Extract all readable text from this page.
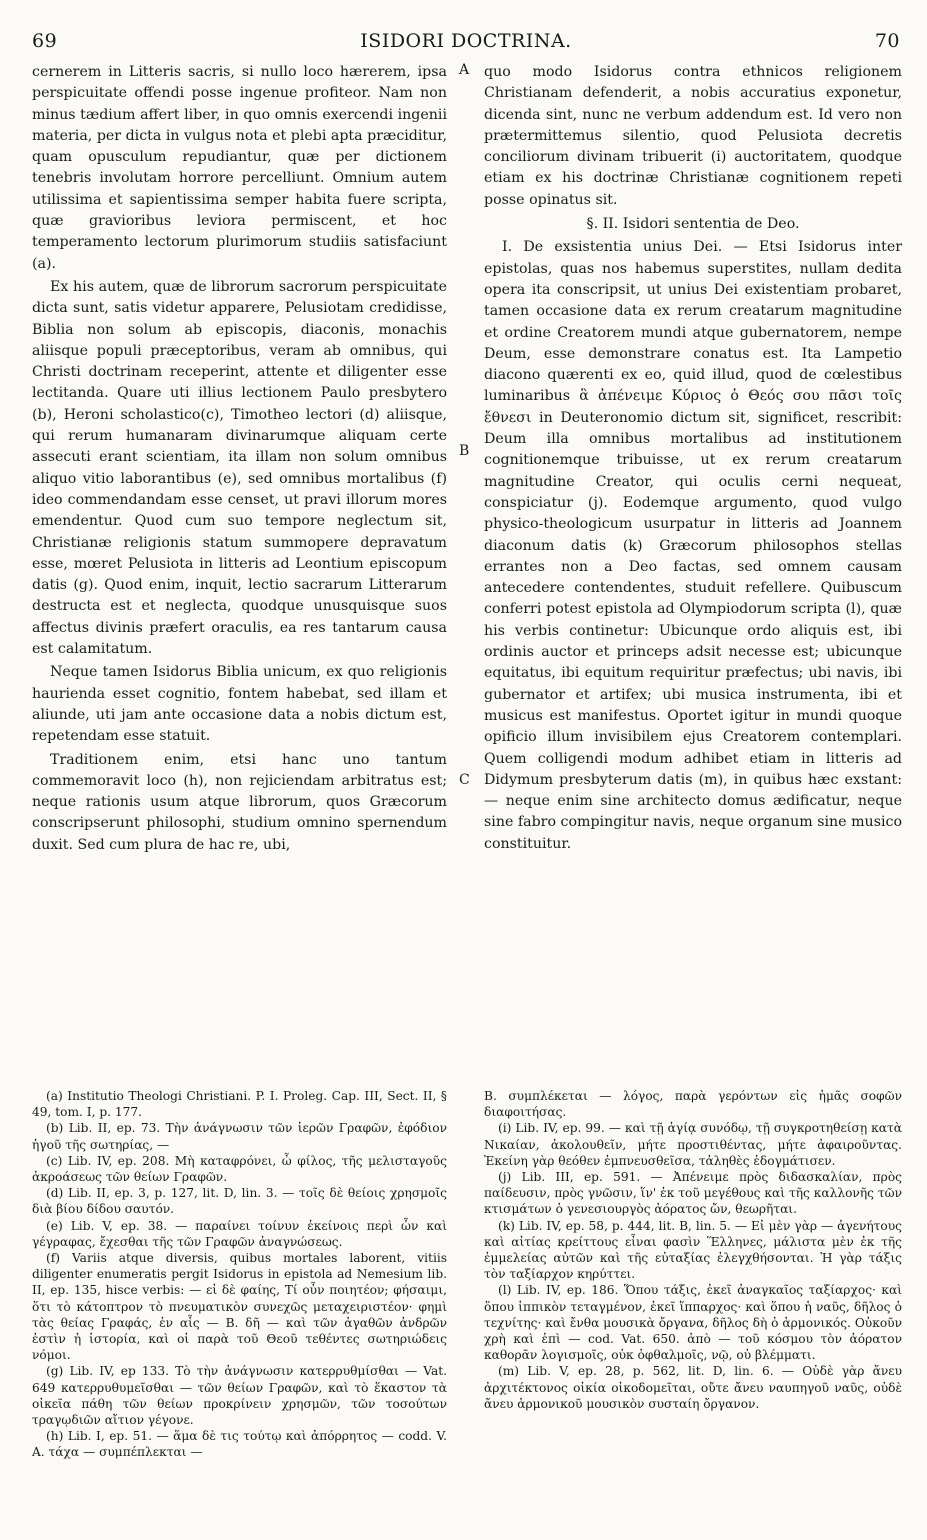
69	ISIDORI DOCTRINA.	70
A
B
C

cernerem in Litteris sacris, si nullo loco hærerem, ipsa perspicuitate offendi posse ingenue profiteor. Nam non minus tædium affert liber, in quo omnis exercendi ingenii materia, per dicta in vulgus nota et plebi apta præciditur, quam opusculum repudiantur, quæ per dictionem tenebris involutam horrore percelliunt. Omnium autem utilissima et sapientissima semper habita fuere scripta, quæ gravioribus leviora permiscent, et hoc temperamento lectorum plurimorum studiis satisfaciunt (a).

Ex his autem, quæ de librorum sacrorum perspicuitate dicta sunt, satis videtur apparere, Pelusiotam credidisse, Biblia non solum ab episcopis, diaconis, monachis aliisque populi præceptoribus, veram ab omnibus, qui Christi doctrinam receperint, attente et diligenter esse lectitanda. Quare uti illius lectionem Paulo presbytero (b), Heroni scholastico(c), Timotheo lectori (d) aliisque, qui rerum humanaram divinarumque aliquam certe assecuti erant scientiam, ita illam non solum omnibus aliquo vitio laborantibus (e), sed omnibus mortalibus (f) ideo commendandam esse censet, ut pravi illorum mores emendentur. Quod cum suo tempore neglectum sit, Christianæ religionis statum summopere depravatum esse, mœret Pelusiota in litteris ad Leontium episcopum datis (g). Quod enim, inquit, lectio sacrarum Litterarum destructa est et neglecta, quodque unusquisque suos affectus divinis præfert oraculis, ea res tantarum causa est calamitatum.

Neque tamen Isidorus Biblia unicum, ex quo religionis haurienda esset cognitio, fontem habebat, sed illam et aliunde, uti jam ante occasione data a nobis dictum est, repetendam esse statuit.

Traditionem enim, etsi hanc uno tantum commemoravit loco (h), non rejiciendam arbitratus est; neque rationis usum atque librorum, quos Græcorum conscripserunt philosophi, studium omnino spernendum duxit. Sed cum plura de hac re, ubi,

quo modo Isidorus contra ethnicos religionem Christianam defenderit, a nobis accuratius exponetur, dicenda sint, nunc ne verbum addendum est. Id vero non prætermittemus silentio, quod Pelusiota decretis conciliorum divinam tribuerit (i) auctoritatem, quodque etiam ex his doctrinæ Christianæ cognitionem repeti posse opinatus sit.

§. II. Isidori sententia de Deo.

I. De exsistentia unius Dei. — Etsi Isidorus inter epistolas, quas nos habemus superstites, nullam dedita opera ita conscripsit, ut unius Dei existentiam probaret, tamen occasione data ex rerum creatarum magnitudine et ordine Creatorem mundi atque gubernatorem, nempe Deum, esse demonstrare conatus est. Ita Lampetio diacono quærenti ex eo, quid illud, quod de cœlestibus luminaribus ἃ ἀπένειμε Κύριος ὁ Θεός σου πᾶσι τοῖς ἔθνεσι in Deuteronomio dictum sit, significet, rescribit: Deum illa omnibus mortalibus ad institutionem cognitionemque tribuisse, ut ex rerum creatarum magnitudine Creator, qui oculis cerni nequeat, conspiciatur (j). Eodemque argumento, quod vulgo physico-theologicum usurpatur in litteris ad Joannem diaconum datis (k) Græcorum philosophos stellas errantes non a Deo factas, sed omnem causam antecedere contendentes, studuit refellere. Quibuscum conferri potest epistola ad Olympiodorum scripta (l), quæ his verbis continetur: Ubicunque ordo aliquis est, ibi ordinis auctor et princeps adsit necesse est; ubicunque equitatus, ibi equitum requiritur præfectus; ubi navis, ibi gubernator et artifex; ubi musica instrumenta, ibi et musicus est manifestus. Oportet igitur in mundi quoque opificio illum invisibilem ejus Creatorem contemplari. Quem colligendi modum adhibet etiam in litteris ad Didymum presbyterum datis (m), in quibus hæc exstant: — neque enim sine architecto domus ædificatur, neque sine fabro compingitur navis, neque organum sine musico constituitur.

(a) Institutio Theologi Christiani. P. I. Proleg. Cap. III, Sect. II, § 49, tom. I, p. 177.

(b) Lib. II, ep. 73. Τὴν ἀνάγνωσιν τῶν ἱερῶν Γραφῶν, ἐφόδιον ἡγοῦ τῆς σωτηρίας, —

(c) Lib. IV, ep. 208. Μὴ καταφρόνει, ὦ φίλος, τῆς μελισταγοῦς ἀκροάσεως τῶν θείων Γραφῶν.

(d) Lib. II, ep. 3, p. 127, lit. D, lin. 3. — τοῖς δὲ θείοις χρησμοῖς διὰ βίου δίδου σαυτόν.

(e) Lib. V, ep. 38. — παραίνει τοίνυν ἐκείνοις περὶ ὧν καὶ γέγραφας, ἔχεσθαι τῆς τῶν Γραφῶν ἀναγνώσεως.

(f) Variis atque diversis, quibus mortales laborent, vitiis diligenter enumeratis pergit Isidorus in epistola ad Nemesium lib. II, ep. 135, hisce verbis: — εἰ δὲ φαίης, Τί οὖν ποιητέον; φήσαιμι, ὅτι τὸ κάτοπτρον τὸ πνευματικὸν συνεχῶς μεταχειριστέον· φημὶ τὰς θείας Γραφάς, ἐν αἷς — B. δῆ — καὶ τῶν ἀγαθῶν ἀνδρῶν ἐστὶν ἡ ἱστορία, καὶ οἱ παρὰ τοῦ Θεοῦ τεθέντες σωτηριώδεις νόμοι.

(g) Lib. IV, ep 133. Τὸ τὴν ἀνάγνωσιν κατερρυθμίσθαι — Vat. 649 κατερρυθυμεῖσθαι — τῶν θείων Γραφῶν, καὶ τὸ ἕκαστον τὰ οἰκεῖα πάθη τῶν θείων προκρίνειν χρησμῶν, τῶν τοσούτων τραγῳδιῶν αἴτιον γέγονε.

(h) Lib. I, ep. 51. — ἅμα δὲ τις τούτῳ καὶ ἀπόρρητος — codd. V. A. τάχα — συμπέπλεκται —

B. συμπλέκεται — λόγος, παρὰ γερόντων εἰς ἡμᾶς σοφῶν διαφοιτήσας.

(i) Lib. IV, ep. 99. — καὶ τῇ ἁγίᾳ συνόδῳ, τῇ συγκροτηθείσῃ κατὰ Νικαίαν, ἀκολουθεῖν, μήτε προστιθέντας, μήτε ἀφαιροῦντας. Ἐκείνη γὰρ θεόθεν ἐμπνευσθεῖσα, τἀληθὲς ἐδογμάτισεν.

(j) Lib. III, ep. 591. — Ἀπένειμε πρὸς διδασκαλίαν, πρὸς παίδευσιν, πρὸς γνῶσιν, ἵν' ἐκ τοῦ μεγέθους καὶ τῆς καλλονῆς τῶν κτισμάτων ὁ γενεσιουργὸς ἀόρατος ὤν, θεωρῆται.

(k) Lib. IV, ep. 58, p. 444, lit. B, lin. 5. — Εἰ μὲν γὰρ — ἀγενήτους καὶ αἰτίας κρείττους εἶναι φασὶν Ἕλληνες, μάλιστα μὲν ἐκ τῆς ἐμμελείας αὐτῶν καὶ τῆς εὐταξίας ἐλεγχθήσονται. Ἡ γὰρ τάξις τὸν ταξίαρχον κηρύττει.

(l) Lib. IV, ep. 186. Ὅπου τάξις, ἐκεῖ ἀναγκαῖος ταξίαρχος· καὶ ὅπου ἱππικὸν τεταγμένον, ἐκεῖ ἵππαρχος· καὶ ὅπου ἡ ναῦς, δῆλος ὁ τεχνίτης· καὶ ἔνθα μουσικὰ ὄργανα, δῆλος δὴ ὁ ἁρμονικός. Οὐκοῦν χρὴ καὶ ἐπὶ — cod. Vat. 650. ἀπὸ — τοῦ κόσμου τὸν ἀόρατον καθορᾶν λογισμοῖς, οὐκ ὀφθαλμοῖς, νῷ, οὐ βλέμματι.

(m) Lib. V, ep. 28, p. 562, lit. D, lin. 6. — Οὐδὲ γὰρ ἄνευ ἀρχιτέκτονος οἰκία οἰκοδομεῖται, οὔτε ἄνευ ναυπηγοῦ ναῦς, οὐδὲ ἄνευ ἁρμονικοῦ μουσικὸν συσταίη ὄργανον.
